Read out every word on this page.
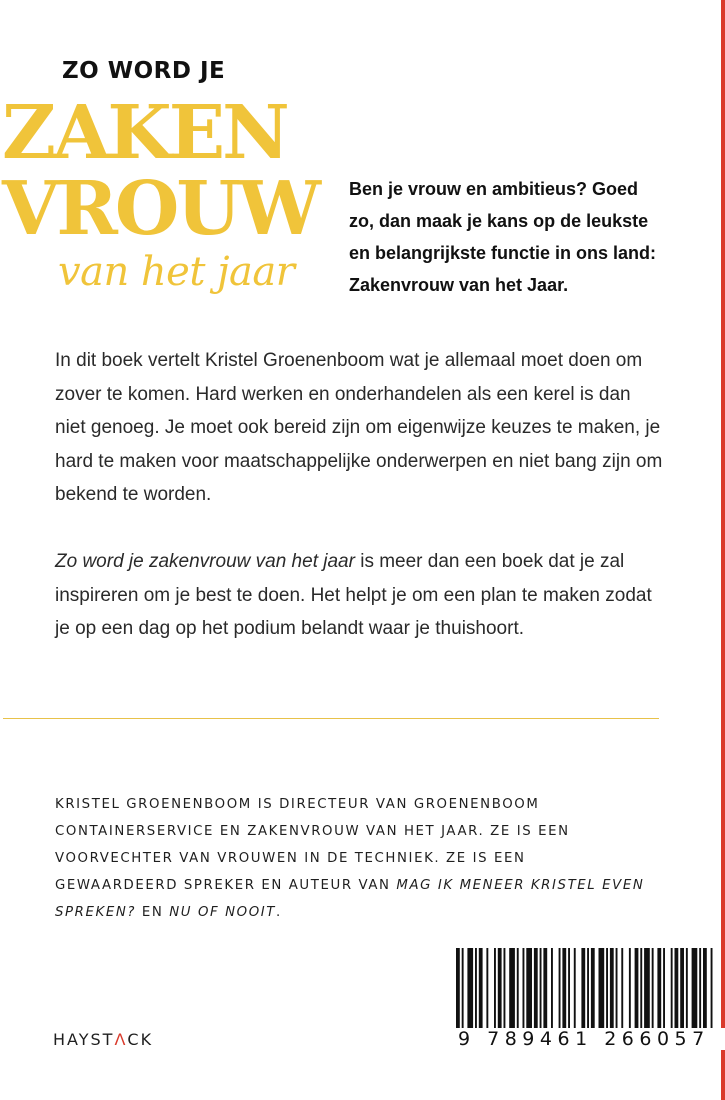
ZO WORD JE
ZAKEN
VROUW
van het jaar

Ben je vrouw en ambitieus? Goed zo, dan maak je kans op de leukste en belangrijkste functie in ons land: Zakenvrouw van het Jaar.

In dit boek vertelt Kristel Groenenboom wat je allemaal moet doen om zover te komen. Hard werken en onderhandelen als een kerel is dan niet genoeg. Je moet ook bereid zijn om eigenwijze keuzes te maken, je hard te maken voor maatschappelijke onderwerpen en niet bang zijn om bekend te worden.

Zo word je zakenvrouw van het jaar is meer dan een boek dat je zal inspireren om je best te doen. Het helpt je om een plan te maken zodat je op een dag op het podium belandt waar je thuishoort.

KRISTEL GROENENBOOM IS DIRECTEUR VAN GROENENBOOM CONTAINERSERVICE EN ZAKENVROUW VAN HET JAAR. ZE IS EEN VOORVECHTER VAN VROUWEN IN DE TECHNIEK. ZE IS EEN GEWAARDEERD SPREKER EN AUTEUR VAN MAG IK MENEER KRISTEL EVEN SPREKEN? EN NU OF NOOIT.

HAYSTΛCK	9 789461 266057
